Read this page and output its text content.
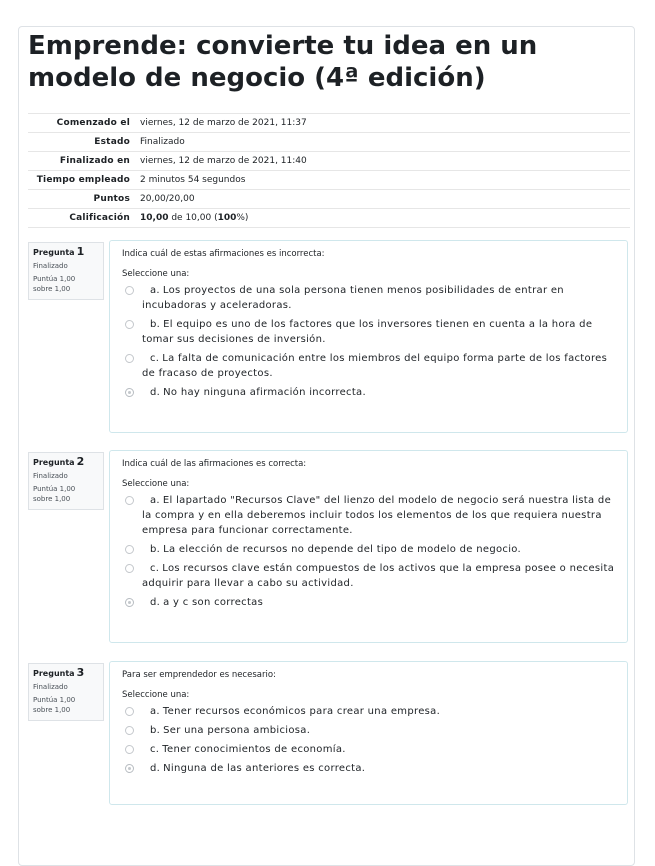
Emprende: convierte tu idea en un modelo de negocio (4ª edición)
Comenzado el	viernes, 12 de marzo de 2021, 11:37
Estado	Finalizado
Finalizado en	viernes, 12 de marzo de 2021, 11:40
Tiempo empleado	2 minutos 54 segundos
Puntos	20,00/20,00
Calificación	10,00 de 10,00 (100%)
Pregunta 1
Finalizado
Puntúa 1,00
sobre 1,00
Indica cuál de estas afirmaciones es incorrecta:
Seleccione una:
a. Los proyectos de una sola persona tienen menos posibilidades de entrar en incubadoras y aceleradoras.
b. El equipo es uno de los factores que los inversores tienen en cuenta a la hora de tomar sus decisiones de inversión.
c. La falta de comunicación entre los miembros del equipo forma parte de los factores de fracaso de proyectos.
d. No hay ninguna afirmación incorrecta.
Pregunta 2
Finalizado
Puntúa 1,00
sobre 1,00
Indica cuál de las afirmaciones es correcta:
Seleccione una:
a. El lapartado "Recursos Clave" del lienzo del modelo de negocio será nuestra lista de la compra y en ella deberemos incluir todos los elementos de los que requiera nuestra empresa para funcionar correctamente.
b. La elección de recursos no depende del tipo de modelo de negocio.
c. Los recursos clave están compuestos de los activos que la empresa posee o necesita adquirir para llevar a cabo su actividad.
d. a y c son correctas
Pregunta 3
Finalizado
Puntúa 1,00
sobre 1,00
Para ser emprendedor es necesario:
Seleccione una:
a. Tener recursos económicos para crear una empresa.
b. Ser una persona ambiciosa.
c. Tener conocimientos de economía.
d. Ninguna de las anteriores es correcta.
